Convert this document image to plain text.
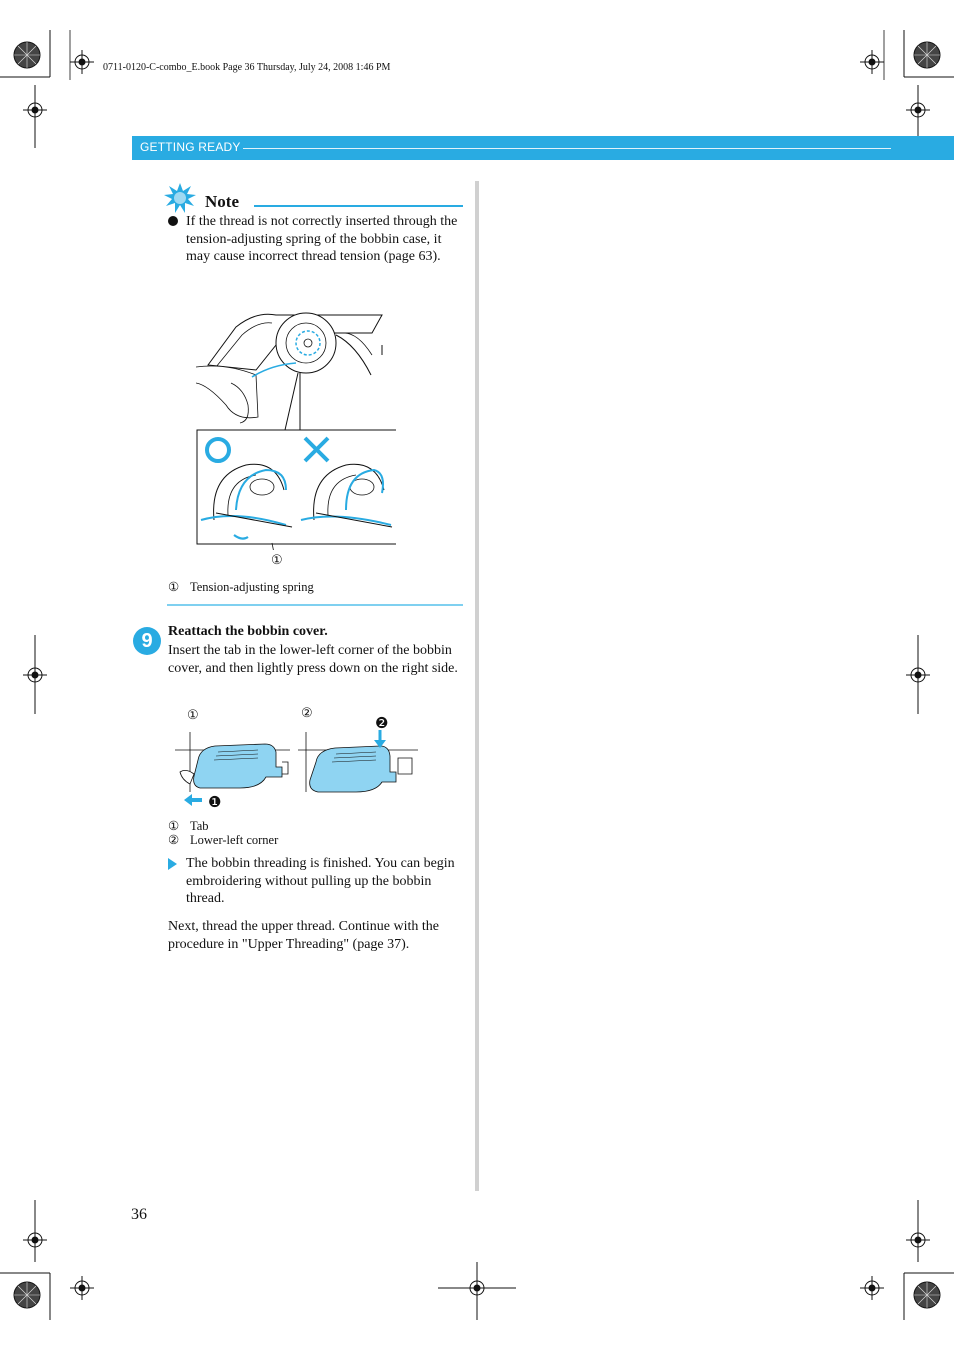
0711-0120-C-combo_E.book Page 36 Thursday, July 24, 2008 1:46 PM
GETTING READY
Note
If the thread is not correctly inserted through the tension-adjusting spring of the bobbin case, it may cause incorrect thread tension (page 63).
①
① Tension-adjusting spring
9	Reattach the bobbin cover.
Insert the tab in the lower-left corner of the bobbin cover, and then lightly press down on the right side.
①	②
❶
❷
① Tab
② Lower-left corner
The bobbin threading is finished. You can begin embroidering without pulling up the bobbin thread.
Next, thread the upper thread. Continue with the procedure in "Upper Threading" (page 37).
36
